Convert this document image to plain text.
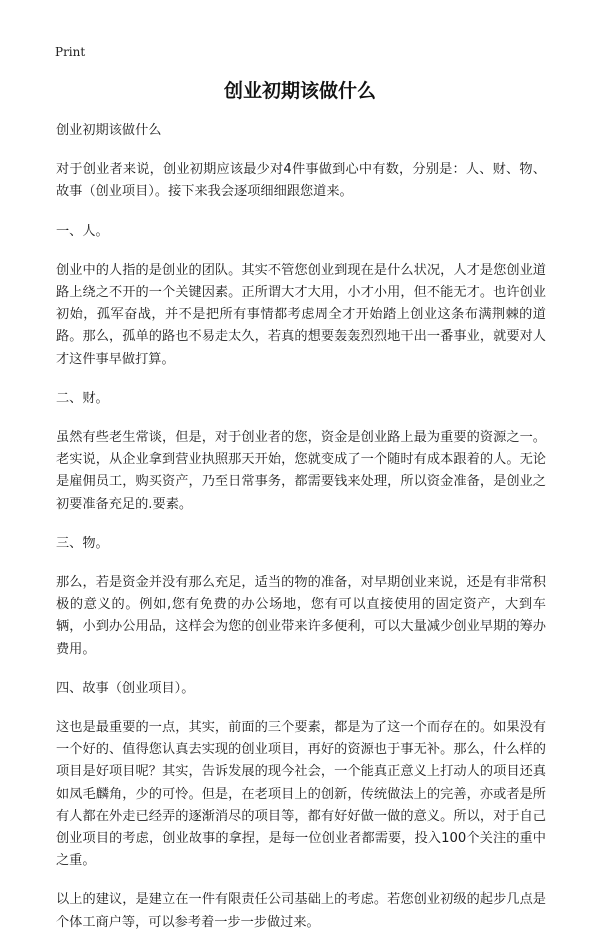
Print
创业初期该做什么

创业初期该做什么

对于创业者来说，创业初期应该最少对4件事做到心中有数，分别是：人、财、物、故事（创业项目）。接下来我会逐项细细跟您道来。

一、人。

创业中的人指的是创业的团队。其实不管您创业到现在是什么状况，人才是您创业道路上绕之不开的一个关键因素。正所谓大才大用，小才小用，但不能无才。也许创业初始，孤军奋战，并不是把所有事情都考虑周全才开始踏上创业这条布满荆棘的道路。那么，孤单的路也不易走太久，若真的想要轰轰烈烈地干出一番事业，就要对人才这件事早做打算。

二、财。

虽然有些老生常谈，但是，对于创业者的您，资金是创业路上最为重要的资源之一。老实说，从企业拿到营业执照那天开始，您就变成了一个随时有成本跟着的人。无论是雇佣员工，购买资产，乃至日常事务，都需要钱来处理，所以资金准备，是创业之初要准备充足的.要素。

三、物。

那么，若是资金并没有那么充足，适当的物的准备，对早期创业来说，还是有非常积极的意义的。例如,您有免费的办公场地，您有可以直接使用的固定资产，大到车辆，小到办公用品，这样会为您的创业带来许多便利，可以大量减少创业早期的筹办费用。

四、故事（创业项目）。

这也是最重要的一点，其实，前面的三个要素，都是为了这一个而存在的。如果没有一个好的、值得您认真去实现的创业项目，再好的资源也于事无补。那么，什么样的项目是好项目呢？其实，告诉发展的现今社会，一个能真正意义上打动人的项目还真如凤毛麟角，少的可怜。但是，在老项目上的创新，传统做法上的完善，亦或者是所有人都在外走已经弄的逐渐消尽的项目等，都有好好做一做的意义。所以，对于自己创业项目的考虑，创业故事的拿捏，是每一位创业者都需要，投入100个关注的重中之重。

以上的建议，是建立在一件有限责任公司基础上的考虑。若您创业初级的起步几点是个体工商户等，可以参考着一步一步做过来。
